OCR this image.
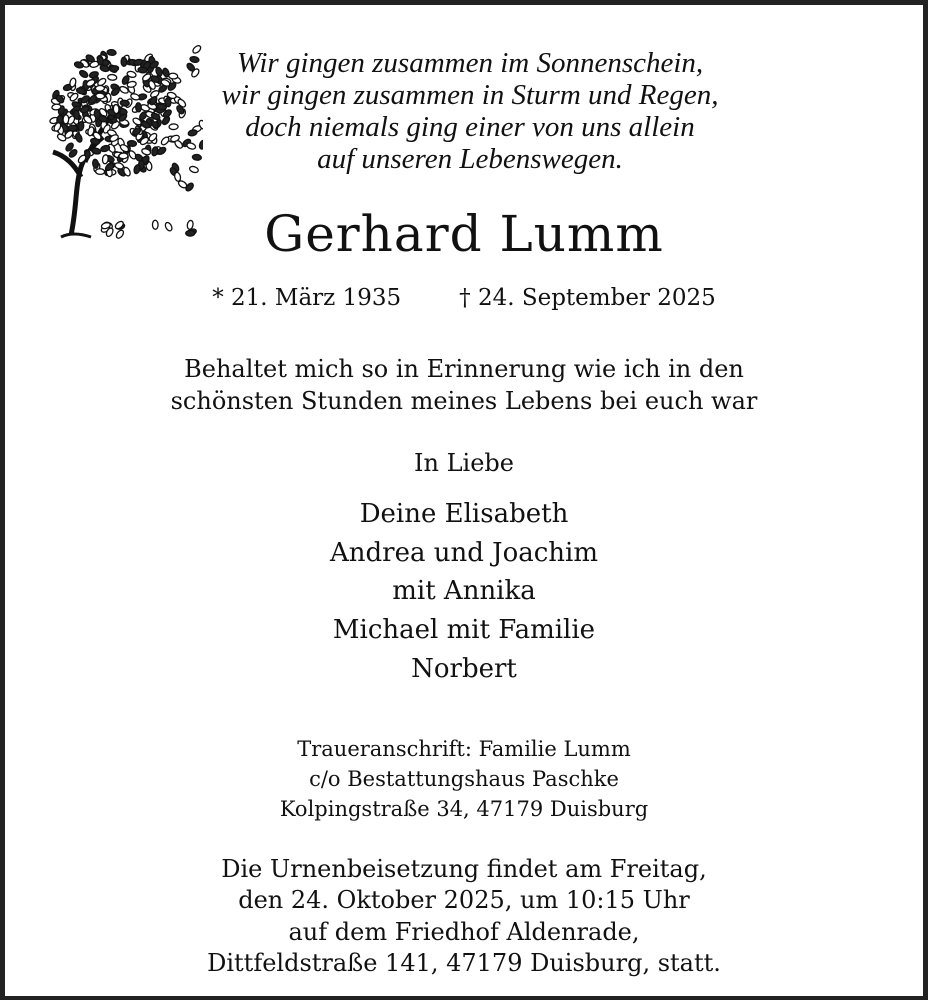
Wir gingen zusammen im Sonnenschein,
wir gingen zusammen in Sturm und Regen,
doch niemals ging einer von uns allein
auf unseren Lebenswegen.
Gerhard Lumm
* 21. März 1935	† 24. September 2025
Behaltet mich so in Erinnerung wie ich in den
schönsten Stunden meines Lebens bei euch war
In Liebe
Deine Elisabeth
Andrea und Joachim
mit Annika
Michael mit Familie
Norbert
Traueranschrift: Familie Lumm
c/o Bestattungshaus Paschke
Kolpingstraße 34, 47179 Duisburg
Die Urnenbeisetzung findet am Freitag,
den 24. Oktober 2025, um 10:15 Uhr
auf dem Friedhof Aldenrade,
Dittfeldstraße 141, 47179 Duisburg, statt.
